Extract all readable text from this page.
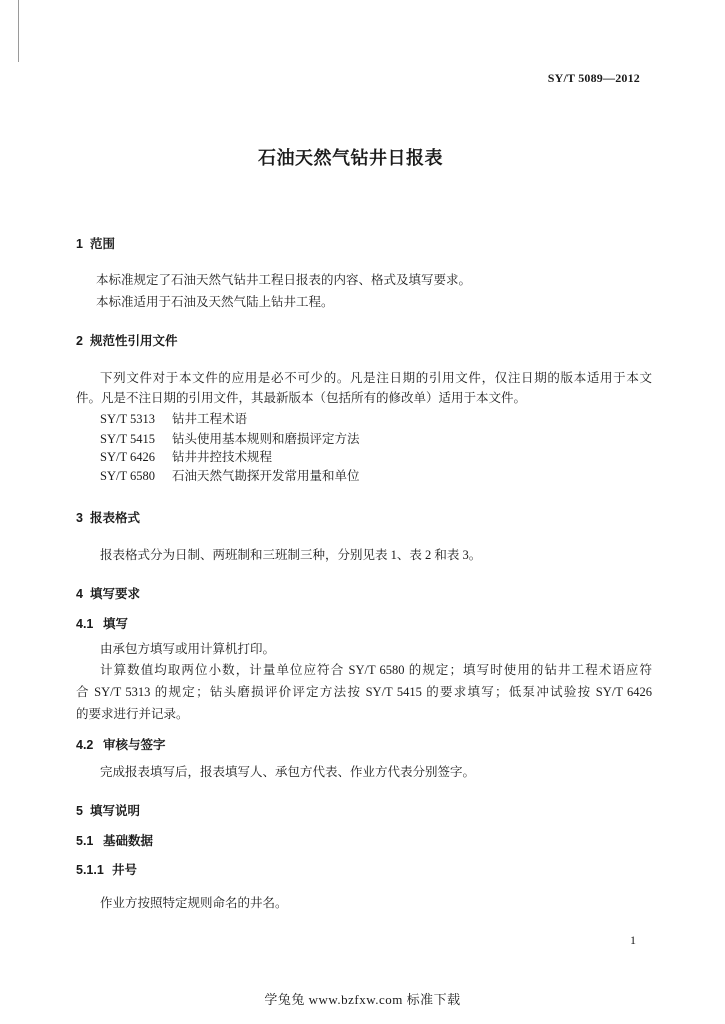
SY/T 5089—2012
石油天然气钻井日报表
1 范围
本标准规定了石油天然气钻井工程日报表的内容、格式及填写要求。
本标准适用于石油及天然气陆上钻井工程。
2 规范性引用文件
下列文件对于本文件的应用是必不可少的。凡是注日期的引用文件，仅注日期的版本适用于本文
件。凡是不注日期的引用文件，其最新版本（包括所有的修改单）适用于本文件。
SY/T 5313 钻井工程术语
SY/T 5415 钻头使用基本规则和磨损评定方法
SY/T 6426 钻井井控技术规程
SY/T 6580 石油天然气勘探开发常用量和单位
3 报表格式
报表格式分为日制、两班制和三班制三种，分别见表 1、表 2 和表 3。
4 填写要求
4.1 填写
由承包方填写或用计算机打印。
计算数值均取两位小数，计量单位应符合 SY/T 6580 的规定；填写时使用的钻井工程术语应符
合 SY/T 5313 的规定；钻头磨损评价评定方法按 SY/T 5415 的要求填写；低泵冲试验按 SY/T 6426
的要求进行并记录。
4.2 审核与签字
完成报表填写后，报表填写人、承包方代表、作业方代表分别签字。
5 填写说明
5.1 基础数据
5.1.1 井号
作业方按照特定规则命名的井名。
1
学兔兔 www.bzfxw.com 标准下载
